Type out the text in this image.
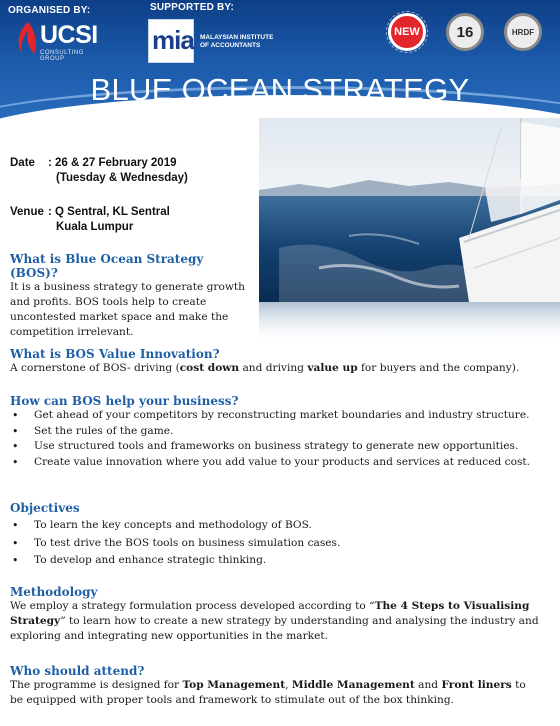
ORGANISED BY:	SUPPORTED BY:
UCSI
CONSULTING GROUP
mia MALAYSIAN INSTITUTE
OF ACCOUNTANTS
NEW 16	HRDF
BLUE OCEAN STRATEGY
Date : 26 & 27 February 2019
(Tuesday & Wednesday)
Venue : Q Sentral, KL Sentral
Kuala Lumpur
What is Blue Ocean Strategy (BOS)?
It is a business strategy to generate growth
and profits. BOS tools help to create
uncontested market space and make the
competition irrelevant.
What is BOS Value Innovation?
A cornerstone of BOS- driving (cost down and driving value up for buyers and the company).
How can BOS help your business?
• Get ahead of your competitors by reconstructing market boundaries and industry structure.
• Set the rules of the game.
• Use structured tools and frameworks on business strategy to generate new opportunities.
• Create value innovation where you add value to your products and services at reduced cost.
Objectives
• To learn the key concepts and methodology of BOS.
• To test drive the BOS tools on business simulation cases.
• To develop and enhance strategic thinking.
Methodology
We employ a strategy formulation process developed according to “The 4 Steps to Visualising Strategy” to learn how to create a new strategy by understanding and analysing the industry and exploring and integrating new opportunities in the market.
Who should attend?
The programme is designed for Top Management, Middle Management and Front liners to be equipped with proper tools and framework to stimulate out of the box thinking.
